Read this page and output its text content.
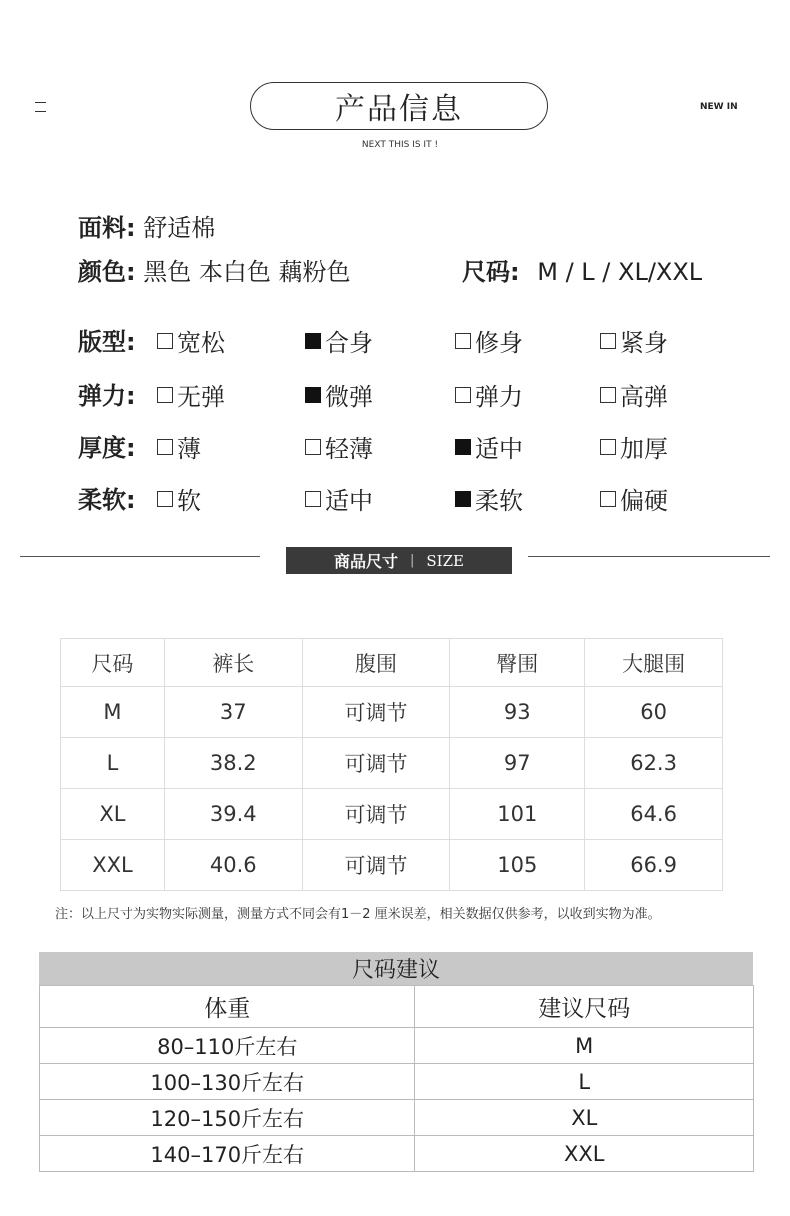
产品信息
NEXT THIS IS IT !
NEW IN
面料: 舒适棉
颜色: 黑色 本白色 藕粉色	尺码: M / L / XL/XXL
版型: 宽松	合身	修身	紧身
弹力: 无弹	微弹	弹力	高弹
厚度: 薄	轻薄	适中	加厚
柔软: 软	适中	柔软	偏硬
商品尺寸 | SIZE
尺码	裤长	腹围	臀围	大腿围
M	37	可调节	93	60
L	38.2	可调节	97	62.3
XL	39.4	可调节	101	64.6
XXL	40.6	可调节	105	66.9
注：以上尺寸为实物实际测量，测量方式不同会有1－2 厘米误差，相关数据仅供参考，以收到实物为准。
尺码建议
体重	建议尺码
80–110斤左右	M
100–130斤左右	L
120–150斤左右	XL
140–170斤左右	XXL
